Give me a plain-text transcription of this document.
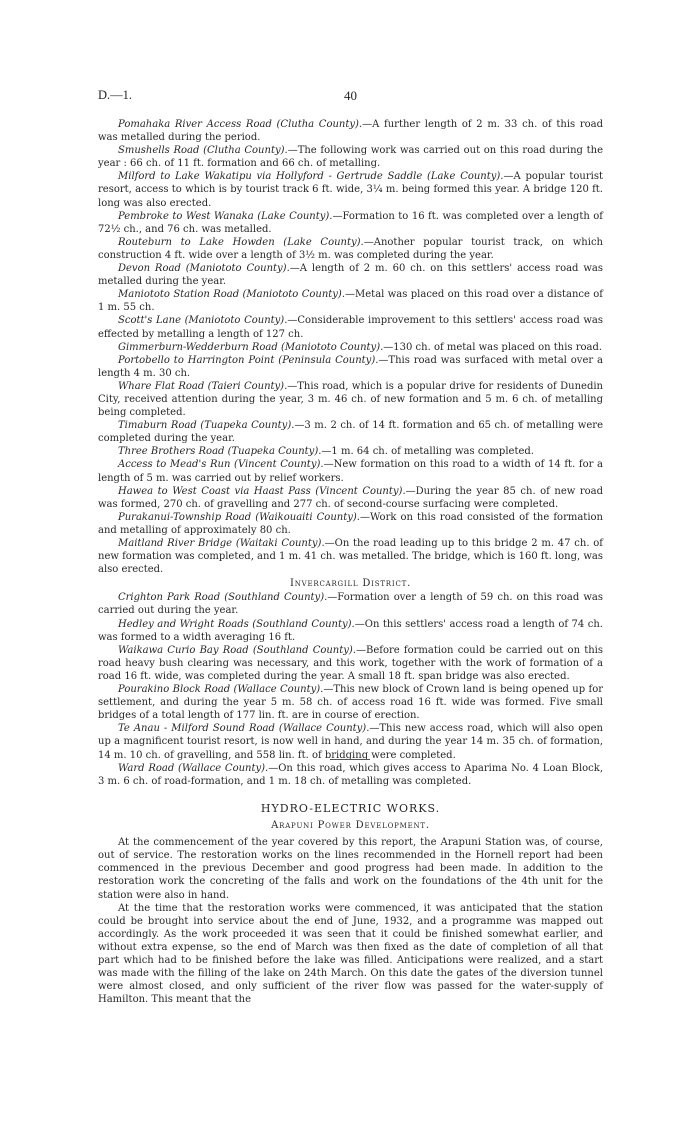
D.—1.	40

Pomahaka River Access Road (Clutha County).—A further length of 2 m. 33 ch. of this road was metalled during the period.

Smushells Road (Clutha County).—The following work was carried out on this road during the year : 66 ch. of 11 ft. formation and 66 ch. of metalling.

Milford to Lake Wakatipu via Hollyford - Gertrude Saddle (Lake County).—A popular tourist resort, access to which is by tourist track 6 ft. wide, 3¼ m. being formed this year. A bridge 120 ft. long was also erected.

Pembroke to West Wanaka (Lake County).—Formation to 16 ft. was completed over a length of 72½ ch., and 76 ch. was metalled.

Routeburn to Lake Howden (Lake County).—Another popular tourist track, on which construction 4 ft. wide over a length of 3½ m. was completed during the year.

Devon Road (Maniototo County).—A length of 2 m. 60 ch. on this settlers' access road was metalled during the year.

Maniototo Station Road (Maniototo County).—Metal was placed on this road over a distance of 1 m. 55 ch.

Scott's Lane (Maniototo County).—Considerable improvement to this settlers' access road was effected by metalling a length of 127 ch.

Gimmerburn-Wedderburn Road (Maniototo County).—130 ch. of metal was placed on this road.

Portobello to Harrington Point (Peninsula County).—This road was surfaced with metal over a length 4 m. 30 ch.

Whare Flat Road (Taieri County).—This road, which is a popular drive for residents of Dunedin City, received attention during the year, 3 m. 46 ch. of new formation and 5 m. 6 ch. of metalling being completed.

Timaburn Road (Tuapeka County).—3 m. 2 ch. of 14 ft. formation and 65 ch. of metalling were completed during the year.

Three Brothers Road (Tuapeka County).—1 m. 64 ch. of metalling was completed.

Access to Mead's Run (Vincent County).—New formation on this road to a width of 14 ft. for a length of 5 m. was carried out by relief workers.

Hawea to West Coast via Haast Pass (Vincent County).—During the year 85 ch. of new road was formed, 270 ch. of gravelling and 277 ch. of second-course surfacing were completed.

Purakanui-Township Road (Waikouaiti County).—Work on this road consisted of the formation and metalling of approximately 80 ch.

Maitland River Bridge (Waitaki County).—On the road leading up to this bridge 2 m. 47 ch. of new formation was completed, and 1 m. 41 ch. was metalled. The bridge, which is 160 ft. long, was also erected.

Invercargill District.

Crighton Park Road (Southland County).—Formation over a length of 59 ch. on this road was carried out during the year.

Hedley and Wright Roads (Southland County).—On this settlers' access road a length of 74 ch. was formed to a width averaging 16 ft.

Waikawa Curio Bay Road (Southland County).—Before formation could be carried out on this road heavy bush clearing was necessary, and this work, together with the work of formation of a road 16 ft. wide, was completed during the year. A small 18 ft. span bridge was also erected.

Pourakino Block Road (Wallace County).—This new block of Crown land is being opened up for settlement, and during the year 5 m. 58 ch. of access road 16 ft. wide was formed. Five small bridges of a total length of 177 lin. ft. are in course of erection.

Te Anau - Milford Sound Road (Wallace County).—This new access road, which will also open up a magnificent tourist resort, is now well in hand, and during the year 14 m. 35 ch. of formation, 14 m. 10 ch. of gravelling, and 558 lin. ft. of bridging were completed.

Ward Road (Wallace County).—On this road, which gives access to Aparima No. 4 Loan Block, 3 m. 6 ch. of road-formation, and 1 m. 18 ch. of metalling was completed.

HYDRO-ELECTRIC WORKS.

Arapuni Power Development.

At the commencement of the year covered by this report, the Arapuni Station was, of course, out of service. The restoration works on the lines recommended in the Hornell report had been commenced in the previous December and good progress had been made. In addition to the restoration work the concreting of the falls and work on the foundations of the 4th unit for the station were also in hand.

At the time that the restoration works were commenced, it was anticipated that the station could be brought into service about the end of June, 1932, and a programme was mapped out accordingly. As the work proceeded it was seen that it could be finished somewhat earlier, and without extra expense, so the end of March was then fixed as the date of completion of all that part which had to be finished before the lake was filled. Anticipations were realized, and a start was made with the filling of the lake on 24th March. On this date the gates of the diversion tunnel were almost closed, and only sufficient of the river flow was passed for the water-supply of Hamilton. This meant that the
